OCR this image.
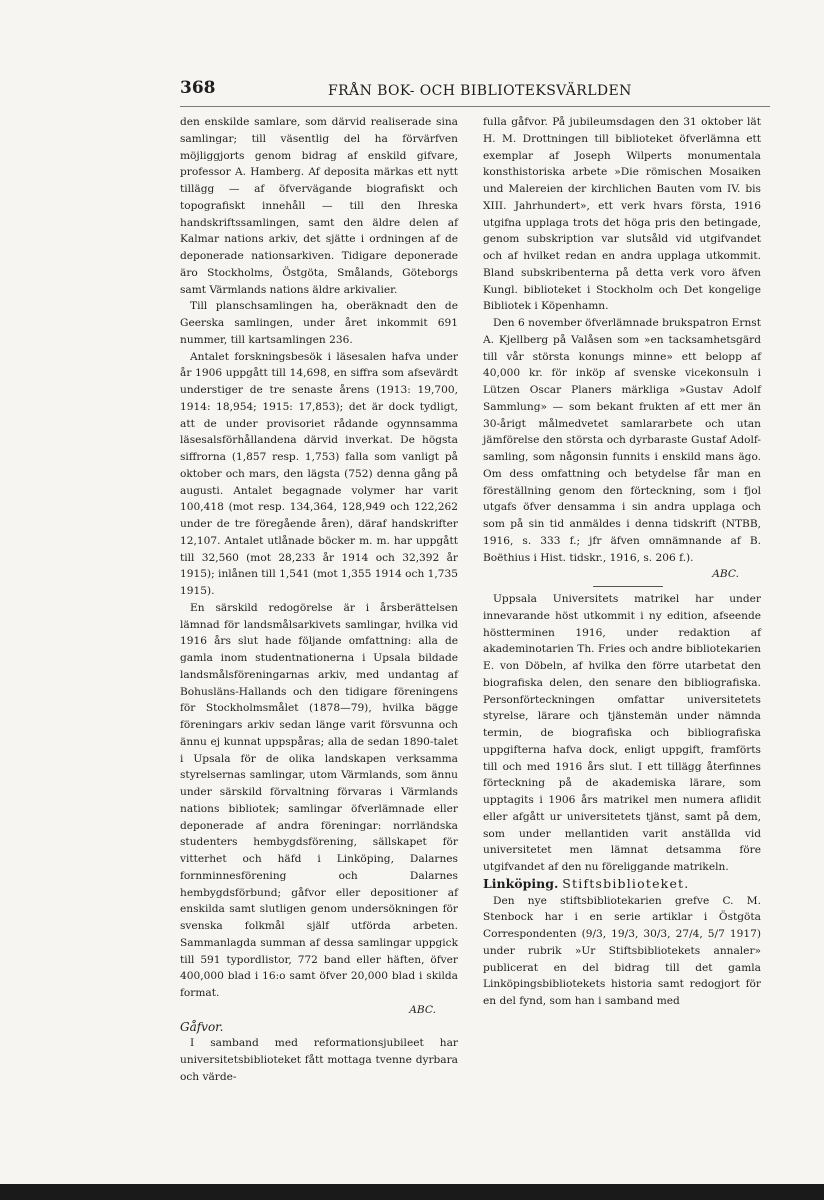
368	FRÅN BOK- OCH BIBLIOTEKSVÄRLDEN

den enskilde samlare, som därvid realiserade sina samlingar; till väsentlig del ha förvärfven möjliggjorts genom bidrag af enskild gifvare, professor A. Hamberg. Af deposita märkas ett nytt tillägg — af öfvervägande biografiskt och topografiskt innehåll — till den Ihreska handskriftssamlingen, samt den äldre delen af Kalmar nations arkiv, det sjätte i ordningen af de deponerade nationsarkiven. Tidigare deponerade äro Stockholms, Östgöta, Smålands, Göteborgs samt Värmlands nations äldre arkivalier.

Till planschsamlingen ha, oberäknadt den de Geerska samlingen, under året inkommit 691 nummer, till kartsamlingen 236.

Antalet forskningsbesök i läsesalen hafva under år 1906 uppgått till 14,698, en siffra som afsevärdt understiger de tre senaste årens (1913: 19,700, 1914: 18,954; 1915: 17,853); det är dock tydligt, att de under provisoriet rådande ogynnsamma läsesalsförhållandena därvid inverkat. De högsta siffrorna (1,857 resp. 1,753) falla som vanligt på oktober och mars, den lägsta (752) denna gång på augusti. Antalet begagnade volymer har varit 100,418 (mot resp. 134,364, 128,949 och 122,262 under de tre föregående åren), däraf handskrifter 12,107. Antalet utlånade böcker m. m. har uppgått till 32,560 (mot 28,233 år 1914 och 32,392 år 1915); inlånen till 1,541 (mot 1,355 1914 och 1,735 1915).

En särskild redogörelse är i årsberättelsen lämnad för landsmålsarkivets samlingar, hvilka vid 1916 års slut hade följande omfattning: alla de gamla inom studentnationerna i Upsala bildade landsmålsföreningarnas arkiv, med undantag af Bohusläns-Hallands och den tidigare föreningens för Stockholmsmålet (1878—79), hvilka bägge föreningars arkiv sedan länge varit försvunna och ännu ej kunnat uppspåras; alla de sedan 1890-talet i Upsala för de olika landskapen verksamma styrelsernas samlingar, utom Värmlands, som ännu under särskild förvaltning förvaras i Värmlands nations bibliotek; samlingar öfverlämnade eller deponerade af andra föreningar: norrländska studenters hembygdsförening, sällskapet för vitterhet och häfd i Linköping, Dalarnes fornminnesförening och Dalarnes hembygdsförbund; gåfvor eller depositioner af enskilda samt slutligen genom undersökningen för svenska folkmål själf utförda arbeten. Sammanlagda summan af dessa samlingar uppgick till 591 typordlistor, 772 band eller häften, öfver 400,000 blad i 16:o samt öfver 20,000 blad i skilda format.

ABC.

Gåfvor.

I samband med reformationsjubileet har universitetsbiblioteket fått mottaga tvenne dyrbara och värde-

fulla gåfvor. På jubileumsdagen den 31 oktober lät H. M. Drottningen till biblioteket öfverlämna ett exemplar af Joseph Wilperts monumentala konsthistoriska arbete »Die römischen Mosaiken und Malereien der kirchlichen Bauten vom IV. bis XIII. Jahrhundert», ett verk hvars första, 1916 utgifna upplaga trots det höga pris den betingade, genom subskription var slutsåld vid utgifvandet och af hvilket redan en andra upplaga utkommit. Bland subskribenterna på detta verk voro äfven Kungl. biblioteket i Stockholm och Det kongelige Bibliotek i Köpenhamn.

Den 6 november öfverlämnade brukspatron Ernst A. Kjellberg på Valåsen som »en tacksamhetsgärd till vår största konungs minne» ett belopp af 40,000 kr. för inköp af svenske vicekonsuln i Lützen Oscar Planers märkliga »Gustav Adolf Sammlung» — som bekant frukten af ett mer än 30-årigt målmedvetet samlararbete och utan jämförelse den största och dyrbaraste Gustaf Adolf-samling, som någonsin funnits i enskild mans ägo. Om dess omfattning och betydelse får man en föreställning genom den förteckning, som i fjol utgafs öfver densamma i sin andra upplaga och som på sin tid anmäldes i denna tidskrift (NTBB, 1916, s. 333 f.; jfr äfven omnämnande af B. Boëthius i Hist. tidskr., 1916, s. 206 f.).

ABC.

Uppsala Universitets matrikel har under innevarande höst utkommit i ny edition, afseende höstterminen 1916, under redaktion af akademinotarien Th. Fries och andre bibliotekarien E. von Döbeln, af hvilka den förre utarbetat den biografiska delen, den senare den bibliografiska. Personförteckningen omfattar universitetets styrelse, lärare och tjänstemän under nämnda termin, de biografiska och bibliografiska uppgifterna hafva dock, enligt uppgift, framförts till och med 1916 års slut. I ett tillägg återfinnes förteckning på de akademiska lärare, som upptagits i 1906 års matrikel men numera aflidit eller afgått ur universitetets tjänst, samt på dem, som under mellantiden varit anställda vid universitetet men lämnat detsamma före utgifvandet af den nu föreliggande matrikeln.

Linköping. Stiftsbiblioteket.

Den nye stiftsbibliotekarien grefve C. M. Stenbock har i en serie artiklar i Östgöta Correspondenten (9/3, 19/3, 30/3, 27/4, 5/7 1917) under rubrik »Ur Stiftsbibliotekets annaler» publicerat en del bidrag till det gamla Linköpingsbibliotekets historia samt redogjort för en del fynd, som han i samband med
